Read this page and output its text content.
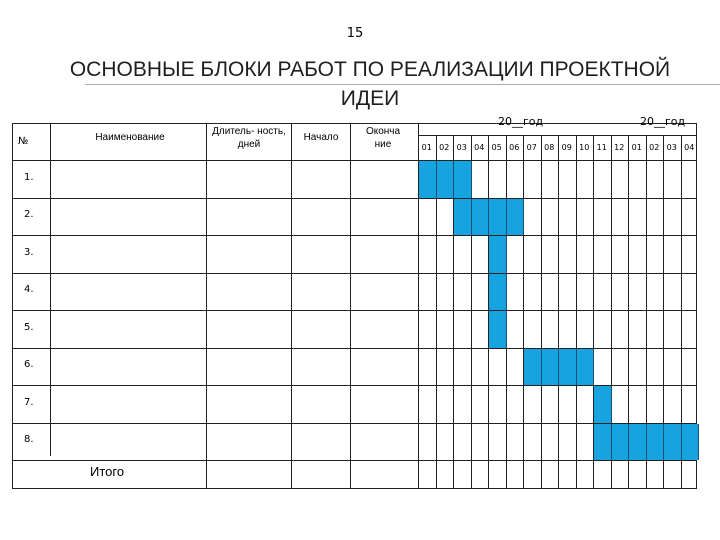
15
ОСНОВНЫЕ БЛОКИ РАБОТ ПО РЕАЛИЗАЦИИ ПРОЕКТНОЙ ИДЕИ
№	Наименование
Длитель- ность, дней
Начало
Оконча ние
20__год	20__год
01 02 03 04 05 06 07 08 09 10 11 12 01 02 03 04
1.
2.
3.
4.
5.
6.
7.
8.
Итого
